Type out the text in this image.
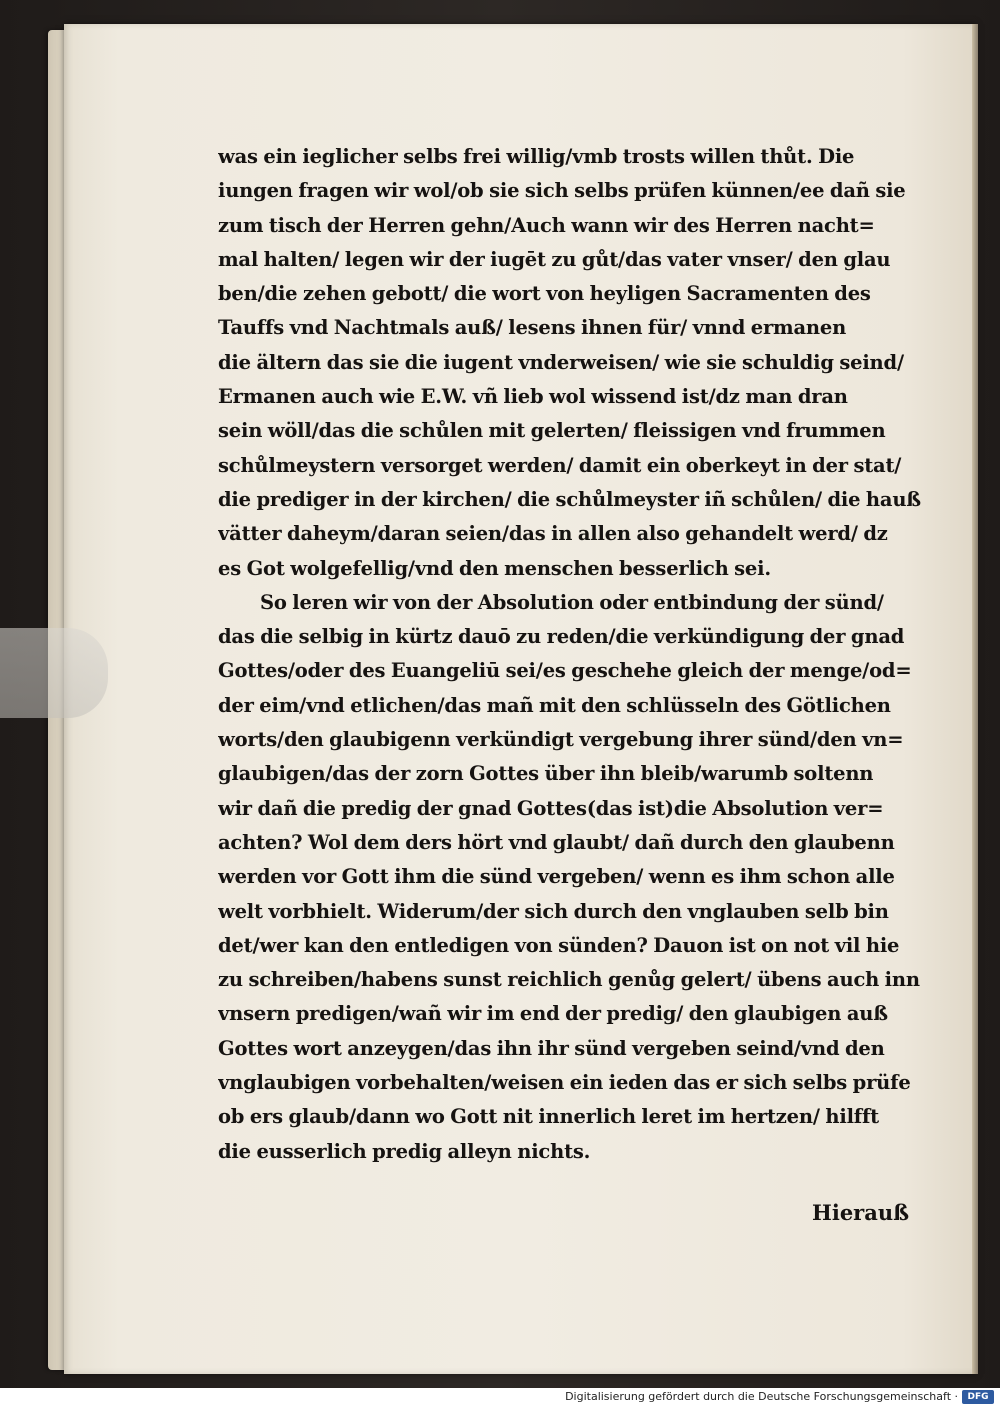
was ein ieglicher selbs frei willig/vmb trosts willen thůt. Die
iungen fragen wir wol/ob sie sich selbs prüfen künnen/ee dañ sie
zum tisch der Herren gehn/Auch wann wir des Herren nacht=
mal halten/ legen wir der iugēt zu gůt/das vater vnser/ den glau
ben/die zehen gebott/ die wort von heyligen Sacramenten des
Tauffs vnd Nachtmals auß/ lesens ihnen für/ vnnd ermanen
die ältern das sie die iugent vnderweisen/ wie sie schuldig seind/
Ermanen auch wie E.W. vñ lieb wol wissend ist/dz man dran
sein wöll/das die schůlen mit gelerten/ fleissigen vnd frummen
schůlmeystern versorget werden/ damit ein oberkeyt in der stat/
die prediger in der kirchen/ die schůlmeyster iñ schůlen/ die hauß
vätter daheym/daran seien/das in allen also gehandelt werd/ dz
es Got wolgefellig/vnd den menschen besserlich sei.
So leren wir von der Absolution oder entbindung der sünd/
das die selbig in kürtz dauō zu reden/die verkündigung der gnad
Gottes/oder des Euangeliū sei/es geschehe gleich der menge/od=
der eim/vnd etlichen/das mañ mit den schlüsseln des Götlichen
worts/den glaubigenn verkündigt vergebung ihrer sünd/den vn=
glaubigen/das der zorn Gottes über ihn bleib/warumb soltenn
wir dañ die predig der gnad Gottes(das ist)die Absolution ver=
achten? Wol dem ders hört vnd glaubt/ dañ durch den glaubenn
werden vor Gott ihm die sünd vergeben/ wenn es ihm schon alle
welt vorbhielt. Widerum/der sich durch den vnglauben selb bin
det/wer kan den entledigen von sünden? Dauon ist on not vil hie
zu schreiben/habens sunst reichlich genůg gelert/ übens auch inn
vnsern predigen/wañ wir im end der predig/ den glaubigen auß
Gottes wort anzeygen/das ihn ihr sünd vergeben seind/vnd den
vnglaubigen vorbehalten/weisen ein ieden das er sich selbs prüfe
ob ers glaub/dann wo Gott nit innerlich leret im hertzen/ hilfft
die eusserlich predig alleyn nichts.
Hierauß
Digitalisierung gefördert durch die Deutsche Forschungsgemeinschaft ·	DFG
